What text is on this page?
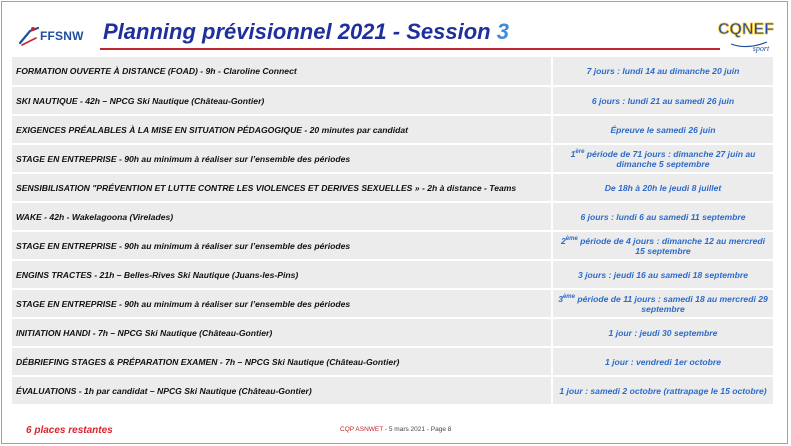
FFSNW Planning prévisionnel 2021 - Session 3	CQNEF
sport
FORMATION OUVERTE À DISTANCE (FOAD) - 9h - Claroline Connect	7 jours : lundi 14 au dimanche 20 juin
SKI NAUTIQUE - 42h – NPCG Ski Nautique (Château-Gontier)	6 jours : lundi 21 au samedi 26 juin
EXIGENCES PRÉALABLES À LA MISE EN SITUATION PÉDAGOGIQUE - 20 minutes par candidat	Épreuve le samedi 26 juin
STAGE EN ENTREPRISE - 90h au minimum à réaliser sur l’ensemble des périodes	1ère période de 71 jours : dimanche 27 juin au dimanche 5 septembre
SENSIBILISATION "PRÉVENTION ET LUTTE CONTRE LES VIOLENCES ET DERIVES SEXUELLES » - 2h à distance - Teams	De 18h à 20h le jeudi 8 juillet
WAKE - 42h - Wakelagoona (Virelades)	6 jours : lundi 6 au samedi 11 septembre
STAGE EN ENTREPRISE - 90h au minimum à réaliser sur l’ensemble des périodes	2ème période de 4 jours : dimanche 12 au mercredi 15 septembre
ENGINS TRACTES - 21h – Belles-Rives Ski Nautique (Juans-les-Pins)	3 jours : jeudi 16 au samedi 18 septembre
STAGE EN ENTREPRISE - 90h au minimum à réaliser sur l’ensemble des périodes	3ème période de 11 jours : samedi 18 au mercredi 29 septembre
INITIATION HANDI - 7h – NPCG Ski Nautique (Château-Gontier)	1 jour : jeudi 30 septembre
DÉBRIEFING STAGES & PRÉPARATION EXAMEN - 7h – NPCG Ski Nautique (Château-Gontier)	1 jour : vendredi 1er octobre
ÉVALUATIONS - 1h par candidat – NPCG Ski Nautique (Château-Gontier)	1 jour : samedi 2 octobre (rattrapage le 15 octobre)
6 places restantes	CQP ASNWET - 5 mars 2021 - Page 8
